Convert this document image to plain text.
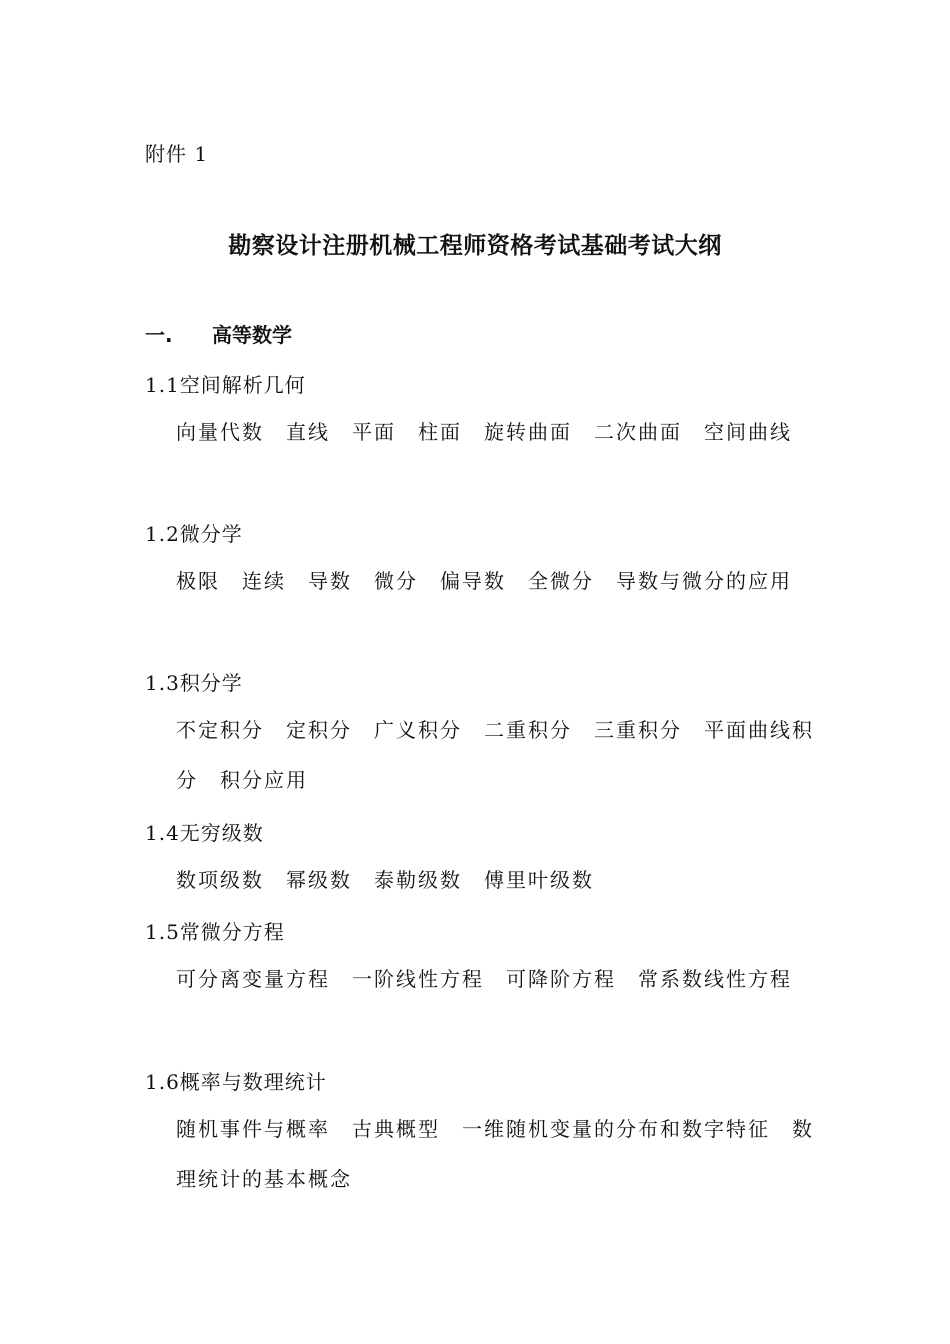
附件 1
勘察设计注册机械工程师资格考试基础考试大纲
一. 高等数学
1.1空间解析几何
向量代数　直线　平面　柱面　旋转曲面　二次曲面　空间曲线
1.2微分学
极限　连续　导数　微分　偏导数　全微分　导数与微分的应用
1.3积分学
不定积分　定积分　广义积分　二重积分　三重积分　平面曲线积分　积分应用
1.4无穷级数
数项级数　幂级数　泰勒级数　傅里叶级数
1.5常微分方程
可分离变量方程　一阶线性方程　可降阶方程　常系数线性方程
1.6概率与数理统计
随机事件与概率　古典概型　一维随机变量的分布和数字特征　数理统计的基本概念
